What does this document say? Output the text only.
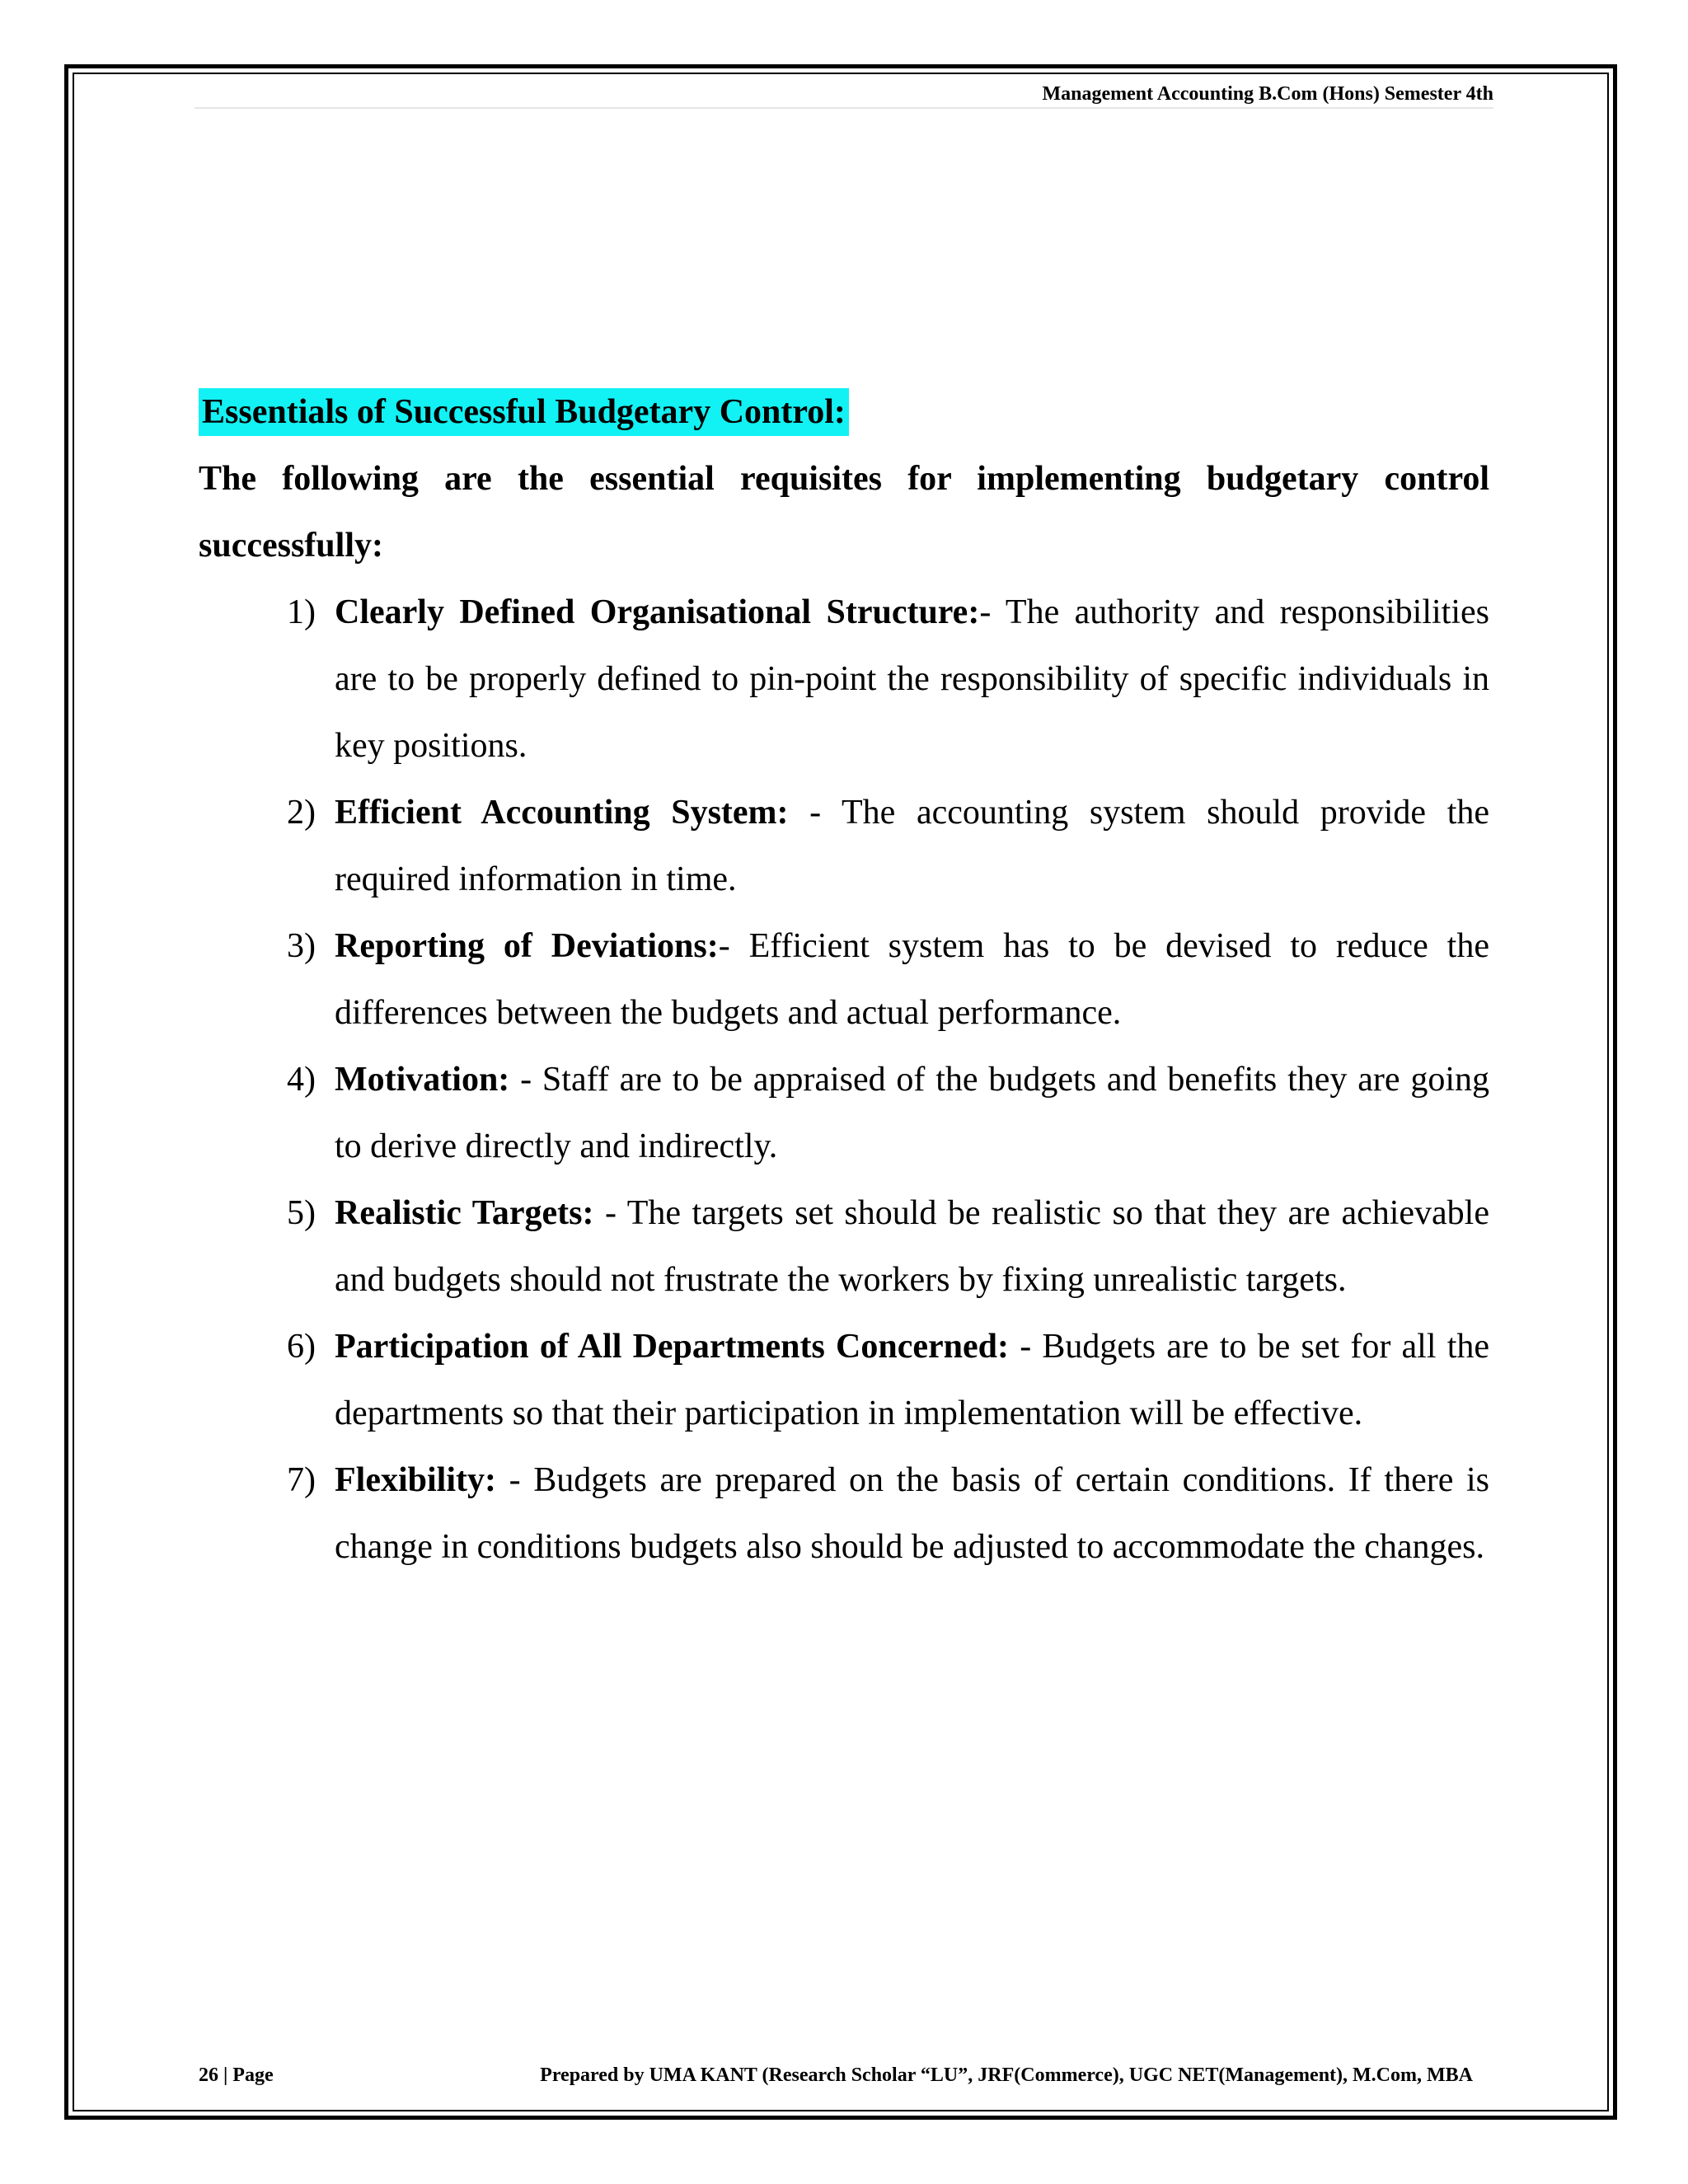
Management Accounting B.Com (Hons) Semester 4th
Essentials of Successful Budgetary Control:

The following are the essential requisites for implementing budgetary control successfully:

1) Clearly Defined Organisational Structure:- The authority and responsibilities are to be properly defined to pin-point the responsibility of specific individuals in key positions.
2) Efficient Accounting System: - The accounting system should provide the required information in time.
3) Reporting of Deviations:- Efficient system has to be devised to reduce the differences between the budgets and actual performance.
4) Motivation: - Staff are to be appraised of the budgets and benefits they are going to derive directly and indirectly.
5) Realistic Targets: - The targets set should be realistic so that they are achievable and budgets should not frustrate the workers by fixing unrealistic targets.
6) Participation of All Departments Concerned: - Budgets are to be set for all the departments so that their participation in implementation will be effective.
7) Flexibility: - Budgets are prepared on the basis of certain conditions. If there is change in conditions budgets also should be adjusted to accommodate the changes.
26 | Page	Prepared by UMA KANT (Research Scholar “LU”, JRF(Commerce), UGC NET(Management), M.Com, MBA
